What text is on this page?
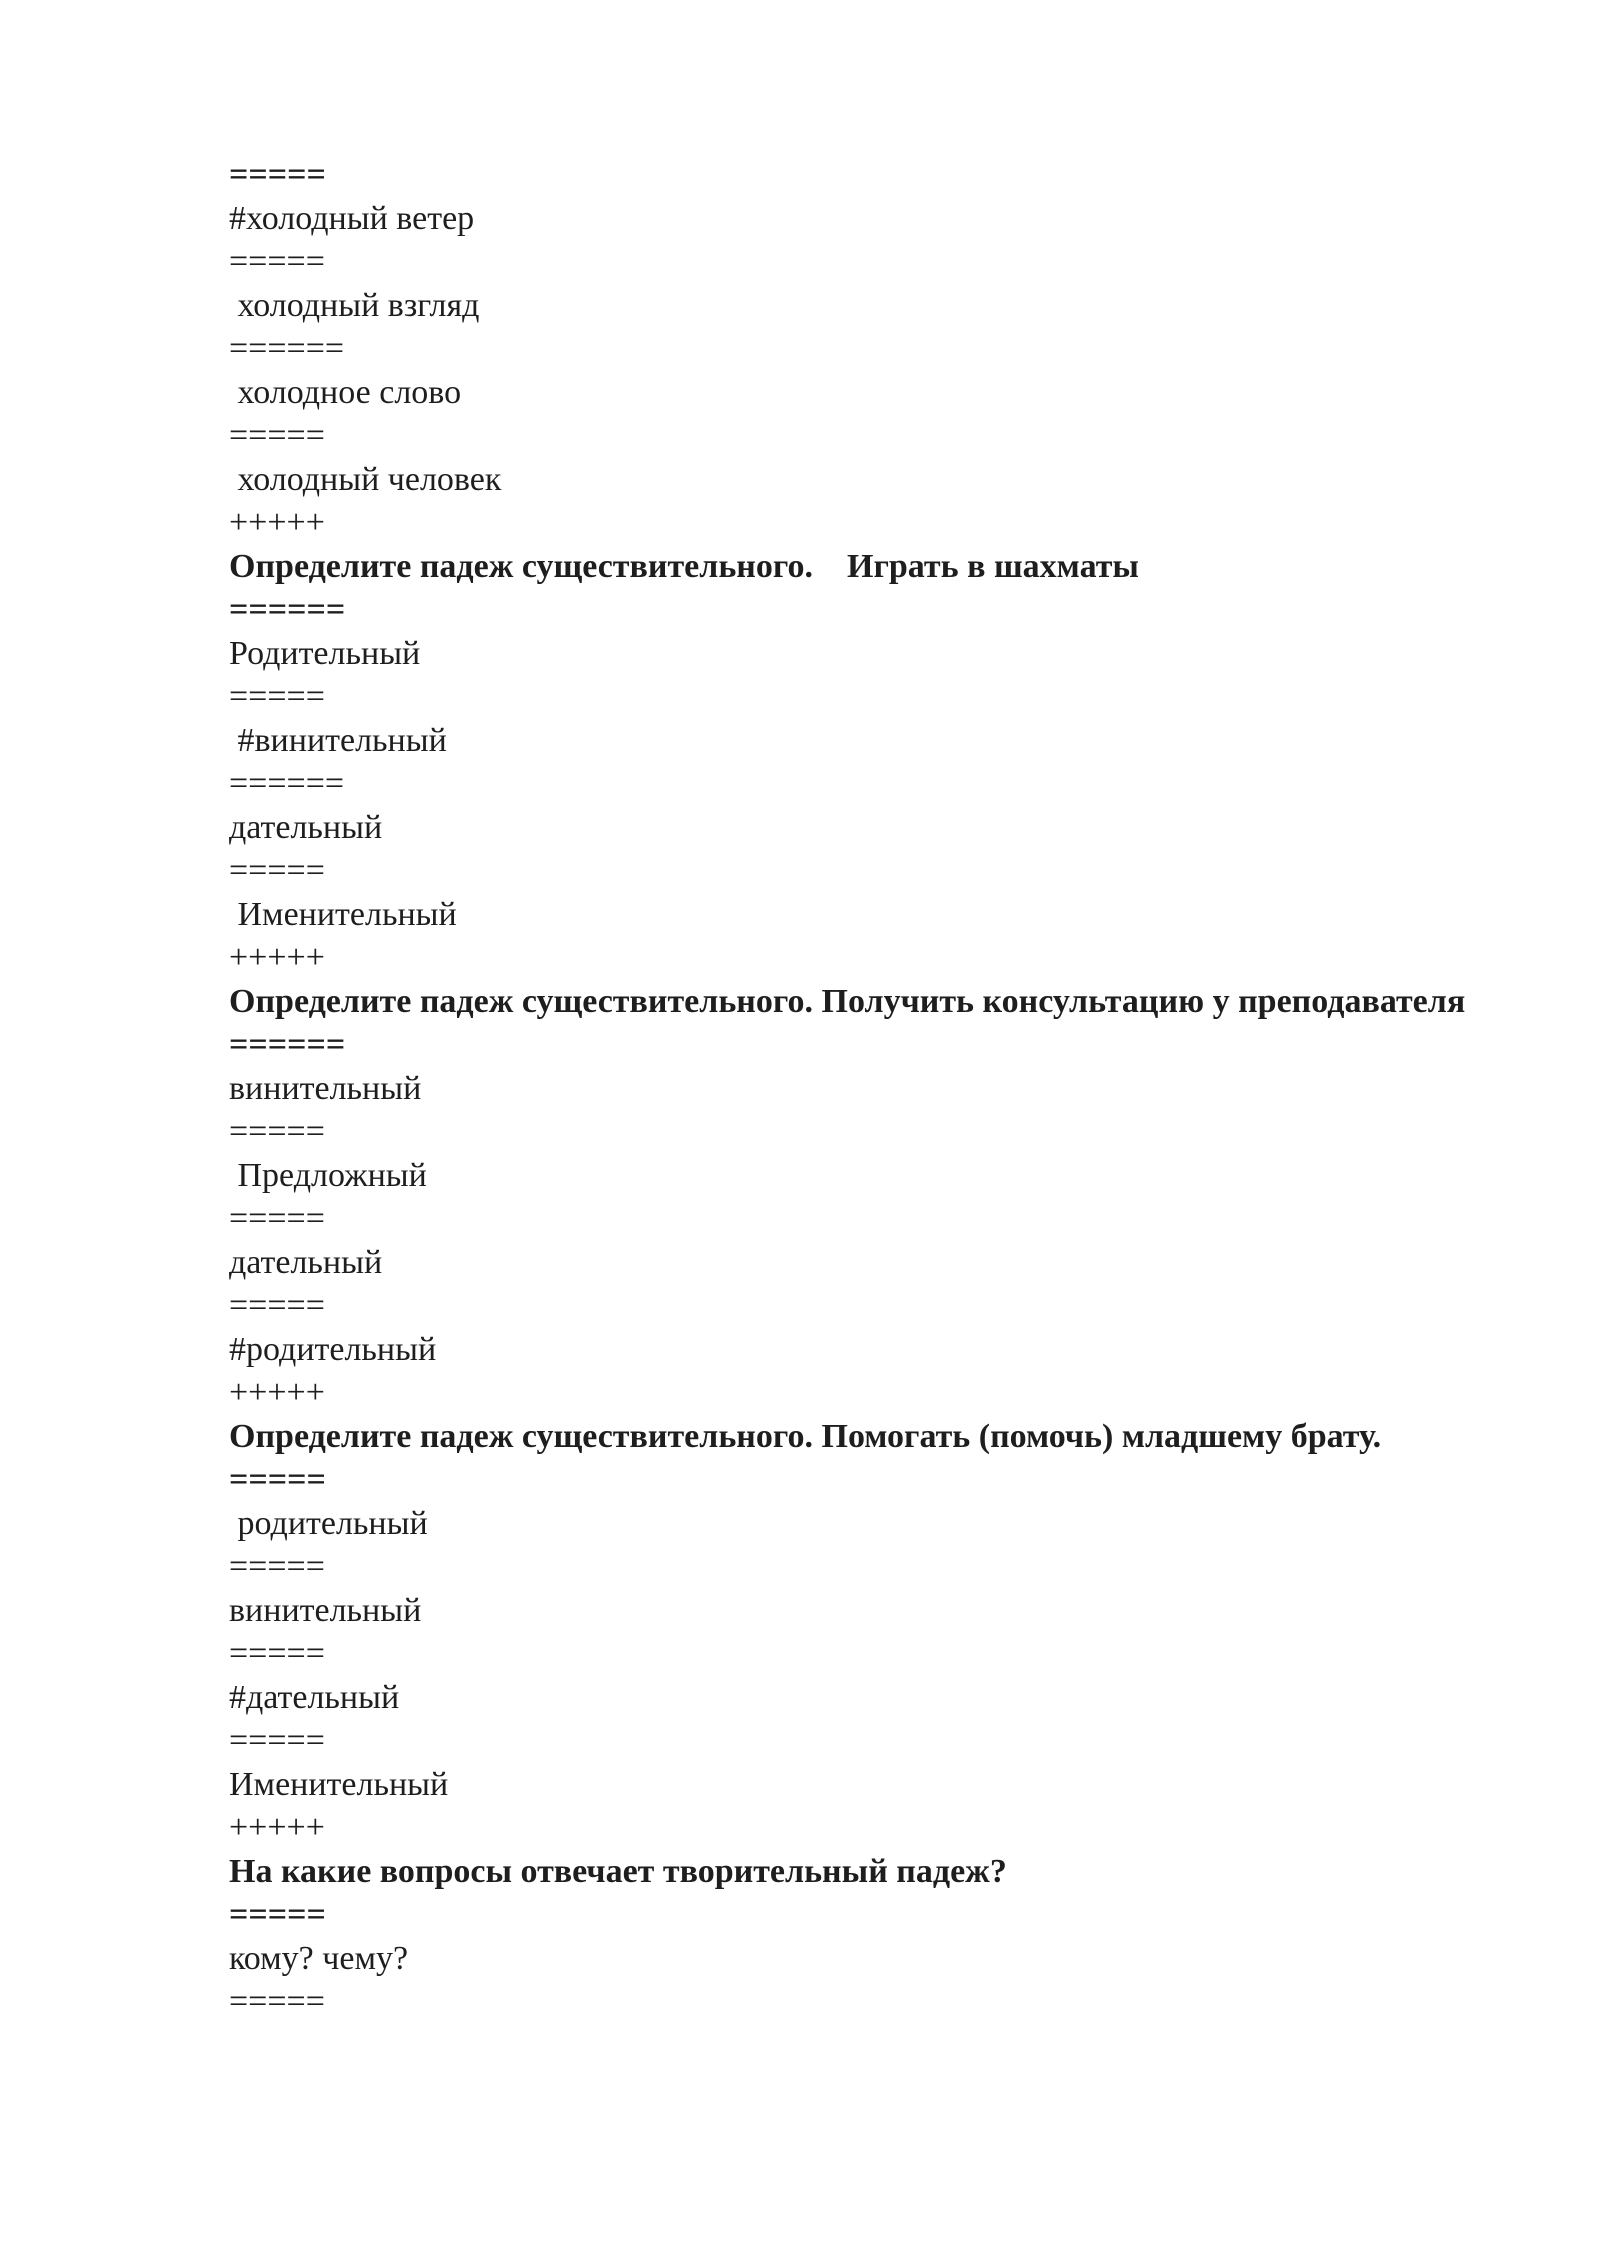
=====
#холодный ветер
=====
холодный взгляд
======
холодное слово
=====
холодный человек
+++++
Определите падеж существительного.    Играть в шахматы
======
Родительный
=====
#винительный
======
дательный
=====
Именительный
+++++
Определите падеж существительного. Получить консультацию у преподавателя
======
винительный
=====
Предложный
=====
дательный
=====
#родительный
+++++
Определите падеж существительного. Помогать (помочь) младшему брату.
=====
родительный
=====
винительный
=====
#дательный
=====
Именительный
+++++
На какие вопросы отвечает творительный падеж?
=====
кому? чему?
=====
